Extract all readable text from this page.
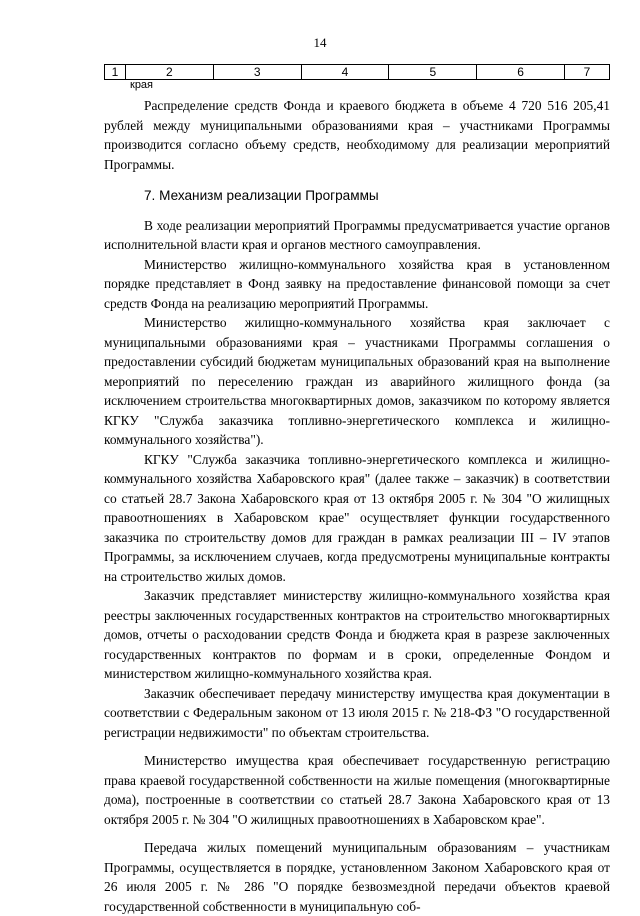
14
1	2	3	4	5	6	7
края

Распределение средств Фонда и краевого бюджета в объеме 4 720 516 205,41 рублей между муниципальными образованиями края – участниками Программы производится согласно объему средств, необходимому для реализации мероприятий Программы.

7. Механизм реализации Программы

В ходе реализации мероприятий Программы предусматривается участие органов исполнительной власти края и органов местного самоуправления.

Министерство жилищно-коммунального хозяйства края в установленном порядке представляет в Фонд заявку на предоставление финансовой помощи за счет средств Фонда на реализацию мероприятий Программы.

Министерство жилищно-коммунального хозяйства края заключает с муниципальными образованиями края – участниками Программы соглашения о предоставлении субсидий бюджетам муниципальных образований края на выполнение мероприятий по переселению граждан из аварийного жилищного фонда (за исключением строительства многоквартирных домов, заказчиком по которому является КГКУ "Служба заказчика топливно-энергетического комплекса и жилищно-коммунального хозяйства").

КГКУ "Служба заказчика топливно-энергетического комплекса и жилищно-коммунального хозяйства Хабаровского края" (далее также – заказчик) в соответствии со статьей 28.7 Закона Хабаровского края от 13 октября 2005 г. № 304 "О жилищных правоотношениях в Хабаровском крае" осуществляет функции государственного заказчика по строительству домов для граждан в рамках реализации III – IV этапов Программы, за исключением случаев, когда предусмотрены муниципальные контракты на строительство жилых домов.

Заказчик представляет министерству жилищно-коммунального хозяйства края реестры заключенных государственных контрактов на строительство многоквартирных домов, отчеты о расходовании средств Фонда и бюджета края в разрезе заключенных государственных контрактов по формам и в сроки, определенные Фондом и министерством жилищно-коммунального хозяйства края.

Заказчик обеспечивает передачу министерству имущества края документации в соответствии с Федеральным законом от 13 июля 2015 г. № 218-ФЗ "О государственной регистрации недвижимости" по объектам строительства.

Министерство имущества края обеспечивает государственную регистрацию права краевой государственной собственности на жилые помещения (многоквартирные дома), построенные в соответствии со статьей 28.7 Закона Хабаровского края от 13 октября 2005 г. № 304 "О жилищных правоотношениях в Хабаровском крае".

Передача жилых помещений муниципальным образованиям – участникам Программы, осуществляется в порядке, установленном Законом Хабаровского края от 26 июля 2005 г. № 286 "О порядке безвозмездной передачи объектов краевой государственной собственности в муниципальную соб-
